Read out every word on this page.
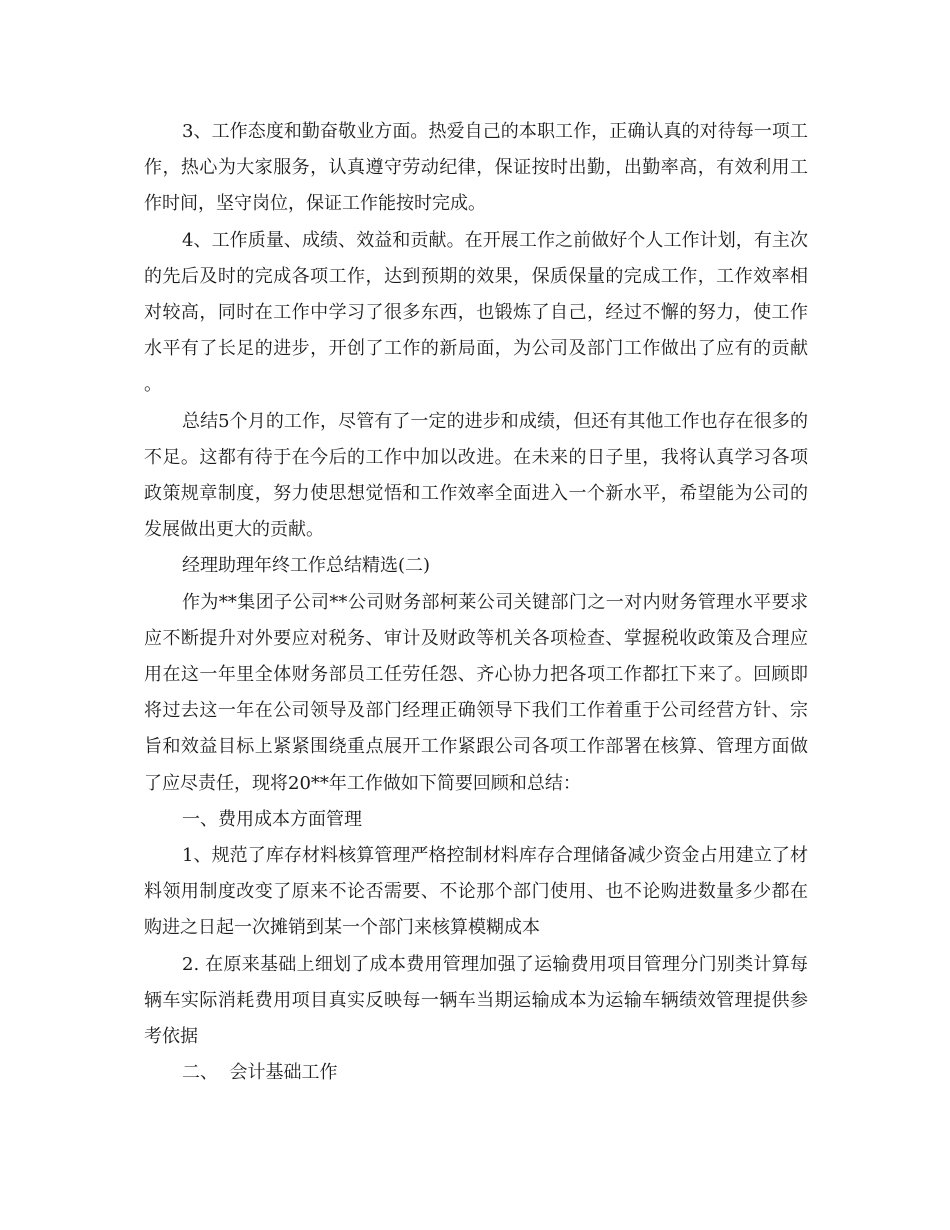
3、工作态度和勤奋敬业方面。热爱自己的本职工作，正确认真的对待每一项工作，热心为大家服务，认真遵守劳动纪律，保证按时出勤，出勤率高，有效利用工作时间，坚守岗位，保证工作能按时完成。

4、工作质量、成绩、效益和贡献。在开展工作之前做好个人工作计划，有主次的先后及时的完成各项工作，达到预期的效果，保质保量的完成工作，工作效率相对较高，同时在工作中学习了很多东西，也锻炼了自己，经过不懈的努力，使工作水平有了长足的进步，开创了工作的新局面，为公司及部门工作做出了应有的贡献。

总结5个月的工作，尽管有了一定的进步和成绩，但还有其他工作也存在很多的不足。这都有待于在今后的工作中加以改进。在未来的日子里，我将认真学习各项政策规章制度，努力使思想觉悟和工作效率全面进入一个新水平，希望能为公司的发展做出更大的贡献。

经理助理年终工作总结精选(二)

作为**集团子公司**公司财务部柯莱公司关键部门之一对内财务管理水平要求应不断提升对外要应对税务、审计及财政等机关各项检查、掌握税收政策及合理应用在这一年里全体财务部员工任劳任怨、齐心协力把各项工作都扛下来了。回顾即将过去这一年在公司领导及部门经理正确领导下我们工作着重于公司经营方针、宗旨和效益目标上紧紧围绕重点展开工作紧跟公司各项工作部署在核算、管理方面做了应尽责任，现将20**年工作做如下简要回顾和总结：

一、费用成本方面管理

1、规范了库存材料核算管理严格控制材料库存合理储备减少资金占用建立了材料领用制度改变了原来不论否需要、不论那个部门使用、也不论购进数量多少都在购进之日起一次摊销到某一个部门来核算模糊成本

2. 在原来基础上细划了成本费用管理加强了运输费用项目管理分门别类计算每辆车实际消耗费用项目真实反映每一辆车当期运输成本为运输车辆绩效管理提供参考依据

二、  会计基础工作
